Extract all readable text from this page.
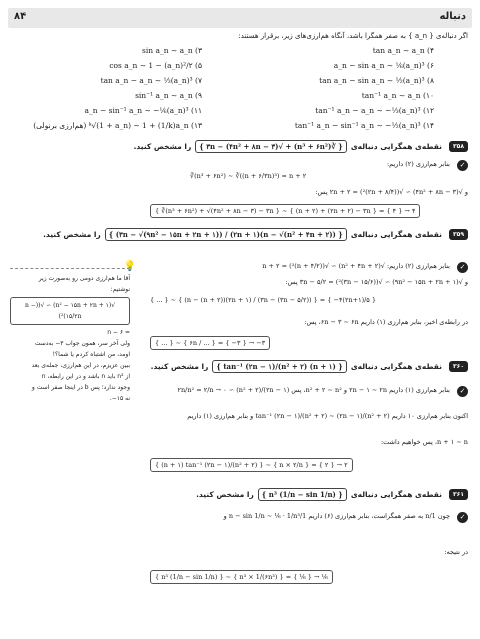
دنباله
۸۴
اگر دنباله‌ی { a_n } به صفر همگرا باشد، آنگاه هم‌ارزی‌های زیر، برقرار هستند:
۴) tan a_n ∼ a_n
۳) sin a_n ∼ a_n
۶) a_n − sin a_n ∼ ⅙(a_n)³
۵) cos a_n ∼ 1 − (a_n)²/۲
۸) tan a_n − sin a_n ∼ ½(a_n)³
۷) tan a_n − a_n ∼ ⅓(a_n)³
۱۰) tan⁻¹ a_n ∼ a_n
۹) sin⁻¹ a_n ∼ a_n
۱۲) tan⁻¹ a_n − a_n ∼ −⅓(a_n)³
۱۱) a_n − sin⁻¹ a_n ∼ −⅙(a_n)³
۱۴) tan⁻¹ a_n − sin⁻¹ a_n ∼ −½(a_n)³
۱۳) ᵏ√(1 + a_n) ∼ 1 + (1/k)a_n (هم‌ارزی برنولی)
۳۵۸
نقطه‌ی همگرایی دنباله‌ی
{ ∛(n³ + ۶n²) + √(۴n² + ۸n − ۳) − ۳n }
را مشخص کنید.
✓
بنابر هم‌ارزی (۲) داریم:
∛(n³ + ۶n²) ∼ ∛((n + ۶/۳n)³) = n + ۲
و √(۴n² + ۸n − ۳) ∼ √((۲n + ۸/۴)²) = ۲n + ۲ پس:
{ ∛(n³ + ۶n²) + √(۴n² + ۸n − ۳) − ۳n } ∼ { (n + ۲) + (۲n + ۲) − ۳n } = { ۴ } → ۴
۳۵۹
نقطه‌ی همگرایی دنباله‌ی
{ (n − √(n² + ۴n + ۲))(۲n + ۱) / (۳n − √(۹n² − ۱۵n + ۲n + ۱)) }
را مشخص کنید.
✓
بنابر هم‌ارزی (۲) داریم: √(n² + ۴n + ۲) ∼ √((n + ۴/۲)²) = n + ۲
و √(۹n² − ۱۵n + ۲n + ۱) ∼ √((۳n − ۱۵/۶)²) = ۳n − ۵/۲ پس:
{ ... } ∼ { (n − (n + ۲))(۲n + ۱) / (۳n − (۳n − ۵/۲)) } = { −۴(۲n+۱)/۵ }
در رابطه‌ی اخیر، بنابر هم‌ارزی (۱) داریم ۶n − ۳ ∼ ۶n، پس:
{ ... } ∼ { ۶n / ... } = { −۳ } → −۳
۳۶۰
نقطه‌ی همگرایی دنباله‌ی
{ (n + ۱) tan⁻¹ (۲n − ۱)/(n² + ۲) }
را مشخص کنید.
✓
بنابر هم‌ارزی (۱) داریم ۲n − ۱ ∼ ۲n و n² + ۲ ∼ n²، پس (۲n − ۱)/(n² + ۲) ∼ ۲n/n² = ۲/n → ۰
اکنون بنابر هم‌ارزی ۱۰ داریم tan⁻¹ (۲n − ۱)/(n² + ۲) ∼ (۲n − ۱)/(n² + ۲) و بنابر هم‌ارزی (۱) داریم
n + ۱ ∼ n، پس خواهیم داشت:
{ (n + ۱) tan⁻¹ (۲n − ۱)/(n² + ۲) } ∼ { n × ۲/n } = { ۲ } → ۲
۳۶۱
نقطه‌ی همگرایی دنباله‌ی
{ n³ (1/n − sin 1/n) }
را مشخص کنید.
✓
چون 1/n به صفر همگراست، بنابر هم‌ارزی (۶) داریم 1/n − sin 1/n ∼ ⅙ · 1/n³ و
در نتیجه:
{ n³ (1/n − sin 1/n) } ∼ { n³ × 1/(۶n³) } = { ⅙ } → ⅙
💡
آقا ما هم‌ارزی دومی رو به‌صورت زیر
نوشتیم:
√(n² − ۱۵n + ۲n + ۱) ∼ √((n − ۱۵/۲n)²)
= n − ۶
ولی آخر سر، همون جواب ۳− به‌دست
اومد، من اشتباه کردم یا شما؟!
ببین عزیزم، در این هم‌ارزی، جمله‌ی بعد
از n² باید n باشد و در این رابطه، n
وجود ندارد؛ پس b در اینجا صفر است و
نه ۱۵−.
